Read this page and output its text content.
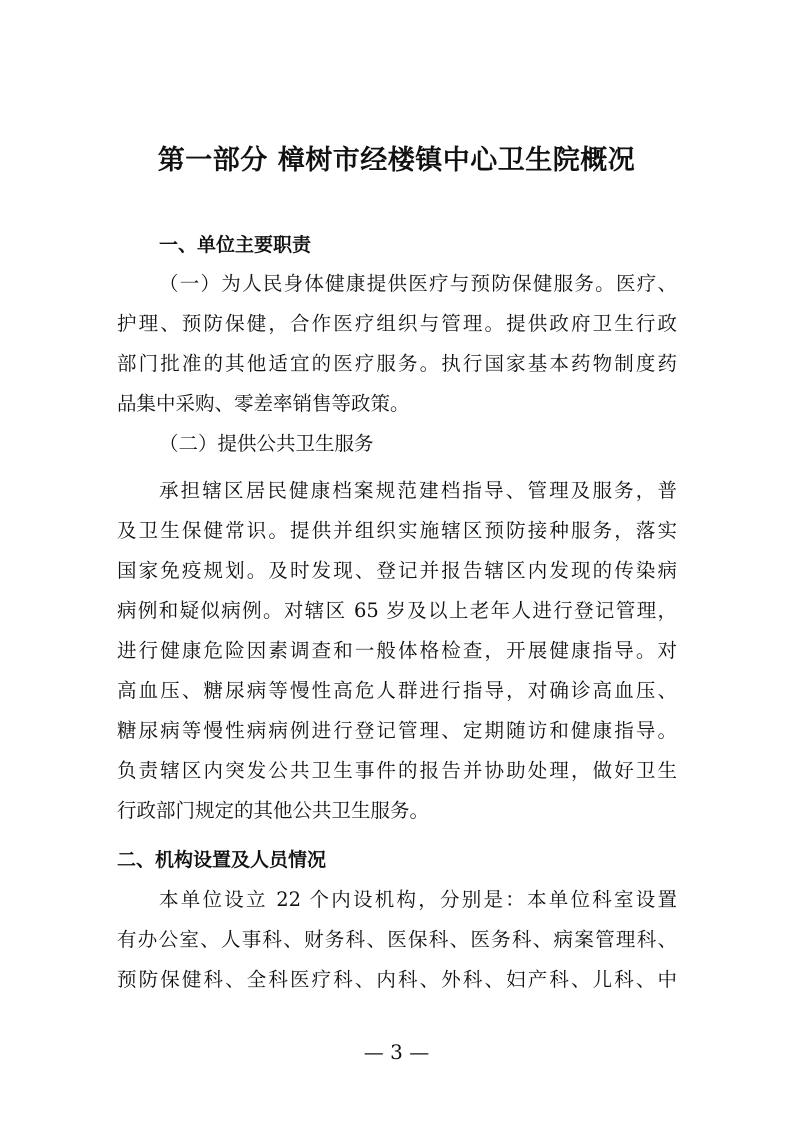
第一部分 樟树市经楼镇中心卫生院概况
一、单位主要职责

（一）为人民身体健康提供医疗与预防保健服务。医疗、

护理、预防保健，合作医疗组织与管理。提供政府卫生行政

部门批准的其他适宜的医疗服务。执行国家基本药物制度药

品集中采购、零差率销售等政策。

（二）提供公共卫生服务

承担辖区居民健康档案规范建档指导、管理及服务，普

及卫生保健常识。提供并组织实施辖区预防接种服务，落实

国家免疫规划。及时发现、登记并报告辖区内发现的传染病

病例和疑似病例。对辖区 65 岁及以上老年人进行登记管理，

进行健康危险因素调查和一般体格检查，开展健康指导。对

高血压、糖尿病等慢性高危人群进行指导，对确诊高血压、

糖尿病等慢性病病例进行登记管理、定期随访和健康指导。

负责辖区内突发公共卫生事件的报告并协助处理，做好卫生

行政部门规定的其他公共卫生服务。

二、机构设置及人员情况

本单位设立 22 个内设机构，分别是：本单位科室设置

有办公室、人事科、财务科、医保科、医务科、病案管理科、

预防保健科、全科医疗科、内科、外科、妇产科、儿科、中

— 3 —
